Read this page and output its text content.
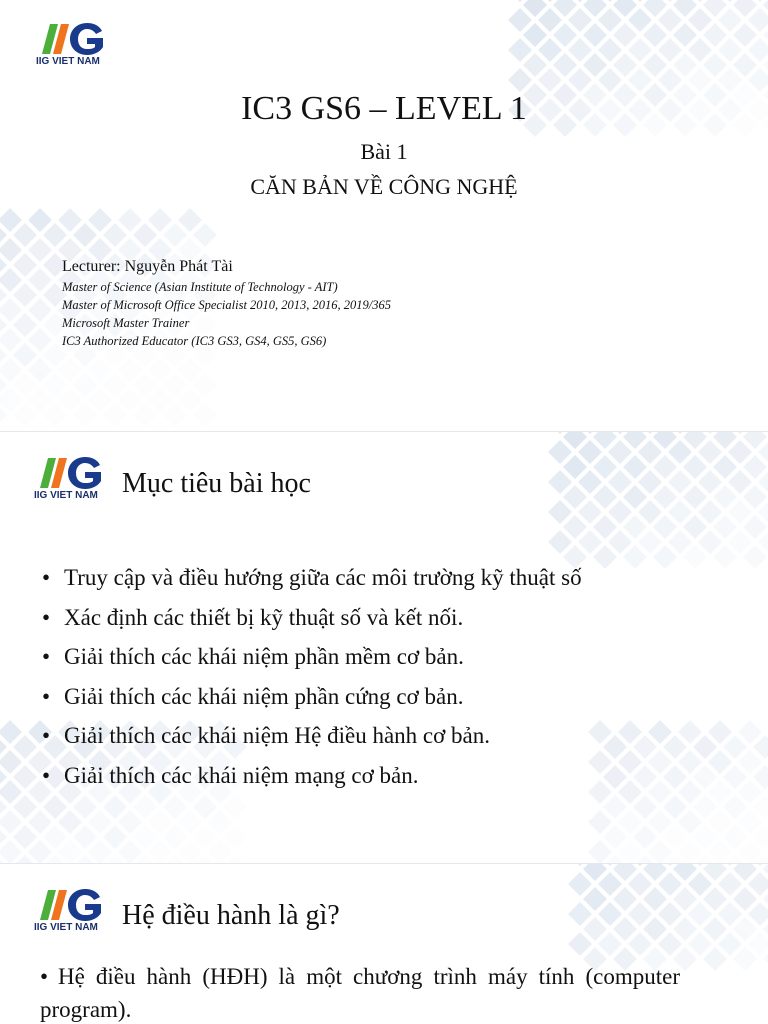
IIG VIET NAM
IC3 GS6 – LEVEL 1
Bài 1
CĂN BẢN VỀ CÔNG NGHỆ
Lecturer: Nguyễn Phát Tài
Master of Science (Asian Institute of Technology - AIT)
Master of Microsoft Office Specialist 2010, 2013, 2016, 2019/365
Microsoft Master Trainer
IC3 Authorized Educator (IC3 GS3, GS4, GS5, GS6)
IIG VIET NAM Mục tiêu bài học
• Truy cập và điều hướng giữa các môi trường kỹ thuật số
• Xác định các thiết bị kỹ thuật số và kết nối.
• Giải thích các khái niệm phần mềm cơ bản.
• Giải thích các khái niệm phần cứng cơ bản.
• Giải thích các khái niệm Hệ điều hành cơ bản.
• Giải thích các khái niệm mạng cơ bản.
IIG VIET NAM Hệ điều hành là gì?
• Hệ điều hành (HĐH) là một chương trình máy tính (computer program).
